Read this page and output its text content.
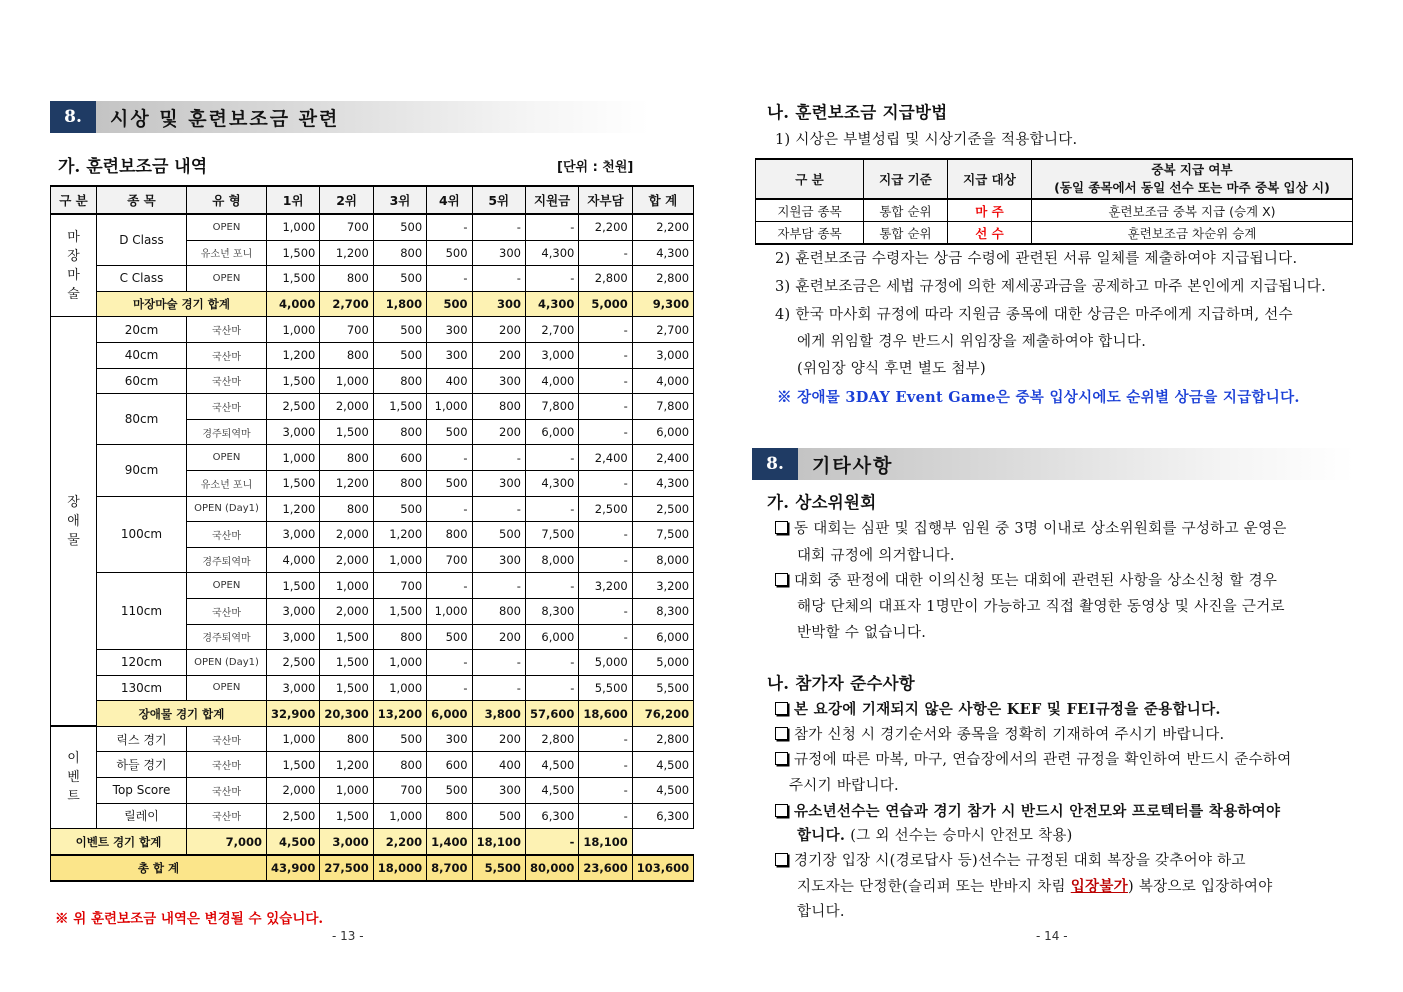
8.	시상 및 훈련보조금 관련
가. 훈련보조금 내역	[단위 : 천원]
구 분	종 목	유 형	1위	2위	3위	4위	5위	지원금	자부담	합 계
마
장
마
술	D Class	OPEN	1,000	700	500	-	-	-	2,200	2,200
		유소년 포니	1,500	1,200	800	500	300	4,300	-	4,300
	C Class	OPEN	1,500	800	500	-	-	-	2,800	2,800
	마장마술 경기 합계		4,000	2,700	1,800	500	300	4,300	5,000	9,300
장
애
물	20cm	국산마	1,000	700	500	300	200	2,700	-	2,700
	40cm	국산마	1,200	800	500	300	200	3,000	-	3,000
	60cm	국산마	1,500	1,000	800	400	300	4,000	-	4,000
	80cm	국산마	2,500	2,000	1,500	1,000	800	7,800	-	7,800
		경주퇴역마	3,000	1,500	800	500	200	6,000	-	6,000
	90cm	OPEN	1,000	800	600	-	-	-	2,400	2,400
		유소년 포니	1,500	1,200	800	500	300	4,300	-	4,300
	100cm	OPEN (Day1)	1,200	800	500	-	-	-	2,500	2,500
		국산마	3,000	2,000	1,200	800	500	7,500	-	7,500
		경주퇴역마	4,000	2,000	1,000	700	300	8,000	-	8,000
	110cm	OPEN	1,500	1,000	700	-	-	-	3,200	3,200
		국산마	3,000	2,000	1,500	1,000	800	8,300	-	8,300
		경주퇴역마	3,000	1,500	800	500	200	6,000	-	6,000
	120cm	OPEN (Day1)	2,500	1,500	1,000	-	-	-	5,000	5,000
	130cm	OPEN	3,000	1,500	1,000	-	-	-	5,500	5,500
	장애물 경기 합계		32,900	20,300	13,200	6,000	3,800	57,600	18,600	76,200
이
벤
트	릭스 경기	국산마	1,000	800	500	300	200	2,800	-	2,800
	하들 경기	국산마	1,500	1,200	800	600	400	4,500	-	4,500
	Top Score	국산마	2,000	1,000	700	500	300	4,500	-	4,500
	릴레이	국산마	2,500	1,500	1,000	800	500	6,300	-	6,300
이벤트 경기 합계		7,000	4,500	3,000	2,200	1,400	18,100	-	18,100	
총 합 계			43,900	27,500	18,000	8,700	5,500	80,000	23,600	103,600
※ 위 훈련보조금 내역은 변경될 수 있습니다.
- 13 -
나. 훈련보조금 지급방법
1) 시상은 부별성립 및 시상기준을 적용합니다.
구 분	지급 기준	지급 대상	중복 지급 여부
(동일 종목에서 동일 선수 또는 마주 중복 입상 시)

지원금 종목	통합 순위	마 주	훈련보조금 중복 지급 (승계 X)
자부담 종목	통합 순위	선 수	훈련보조금 차순위 승계
2) 훈련보조금 수령자는 상금 수령에 관련된 서류 일체를 제출하여야 지급됩니다.
3) 훈련보조금은 세법 규정에 의한 제세공과금을 공제하고 마주 본인에게 지급됩니다.
4) 한국 마사회 규정에 따라 지원금 종목에 대한 상금은 마주에게 지급하며, 선수
에게 위임할 경우 반드시 위임장을 제출하여야 합니다.
(위임장 양식 후면 별도 첨부)
※ 장애물 3DAY Event Game은 중복 입상시에도 순위별 상금을 지급합니다.
8.	기타사항
가. 상소위원회
동 대회는 심판 및 집행부 임원 중 3명 이내로 상소위원회를 구성하고 운영은
대회 규정에 의거합니다.
대회 중 판정에 대한 이의신청 또는 대회에 관련된 사항을 상소신청 할 경우
해당 단체의 대표자 1명만이 가능하고 직접 촬영한 동영상 및 사진을 근거로
반박할 수 없습니다.
나. 참가자 준수사항
본 요강에 기재되지 않은 사항은 KEF 및 FEI규정을 준용합니다.
참가 신청 시 경기순서와 종목을 정확히 기재하여 주시기 바랍니다.
규정에 따른 마복, 마구, 연습장에서의 관련 규정을 확인하여 반드시 준수하여
주시기 바랍니다.
유소년선수는 연습과 경기 참가 시 반드시 안전모와 프로텍터를 착용하여야
합니다. (그 외 선수는 승마시 안전모 착용)
경기장 입장 시(경로답사 등)선수는 규정된 대회 복장을 갖추어야 하고
지도자는 단정한(슬리퍼 또는 반바지 차림 입장불가) 복장으로 입장하여야
합니다.
- 14 -
